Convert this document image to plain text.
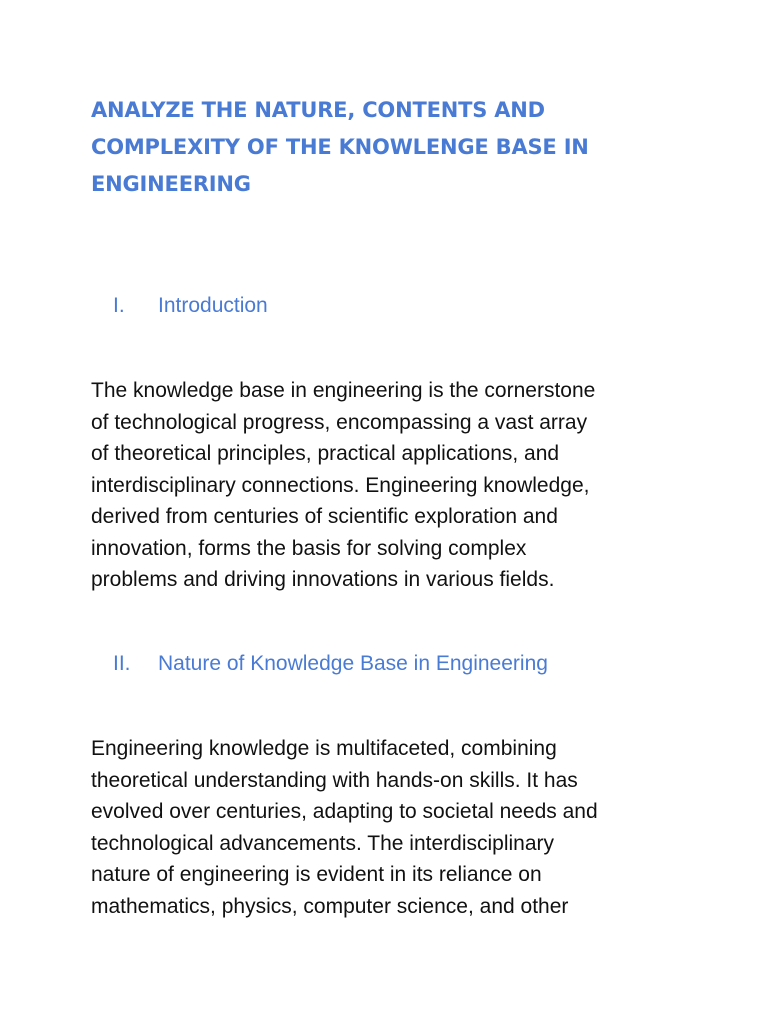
ANALYZE THE NATURE, CONTENTS AND
COMPLEXITY OF THE KNOWLENGE BASE IN
ENGINEERING
I. Introduction

The knowledge base in engineering is the cornerstone
of technological progress, encompassing a vast array
of theoretical principles, practical applications, and
interdisciplinary connections. Engineering knowledge,
derived from centuries of scientific exploration and
innovation, forms the basis for solving complex
problems and driving innovations in various fields.

II. Nature of Knowledge Base in Engineering

Engineering knowledge is multifaceted, combining
theoretical understanding with hands-on skills. It has
evolved over centuries, adapting to societal needs and
technological advancements. The interdisciplinary
nature of engineering is evident in its reliance on
mathematics, physics, computer science, and other
